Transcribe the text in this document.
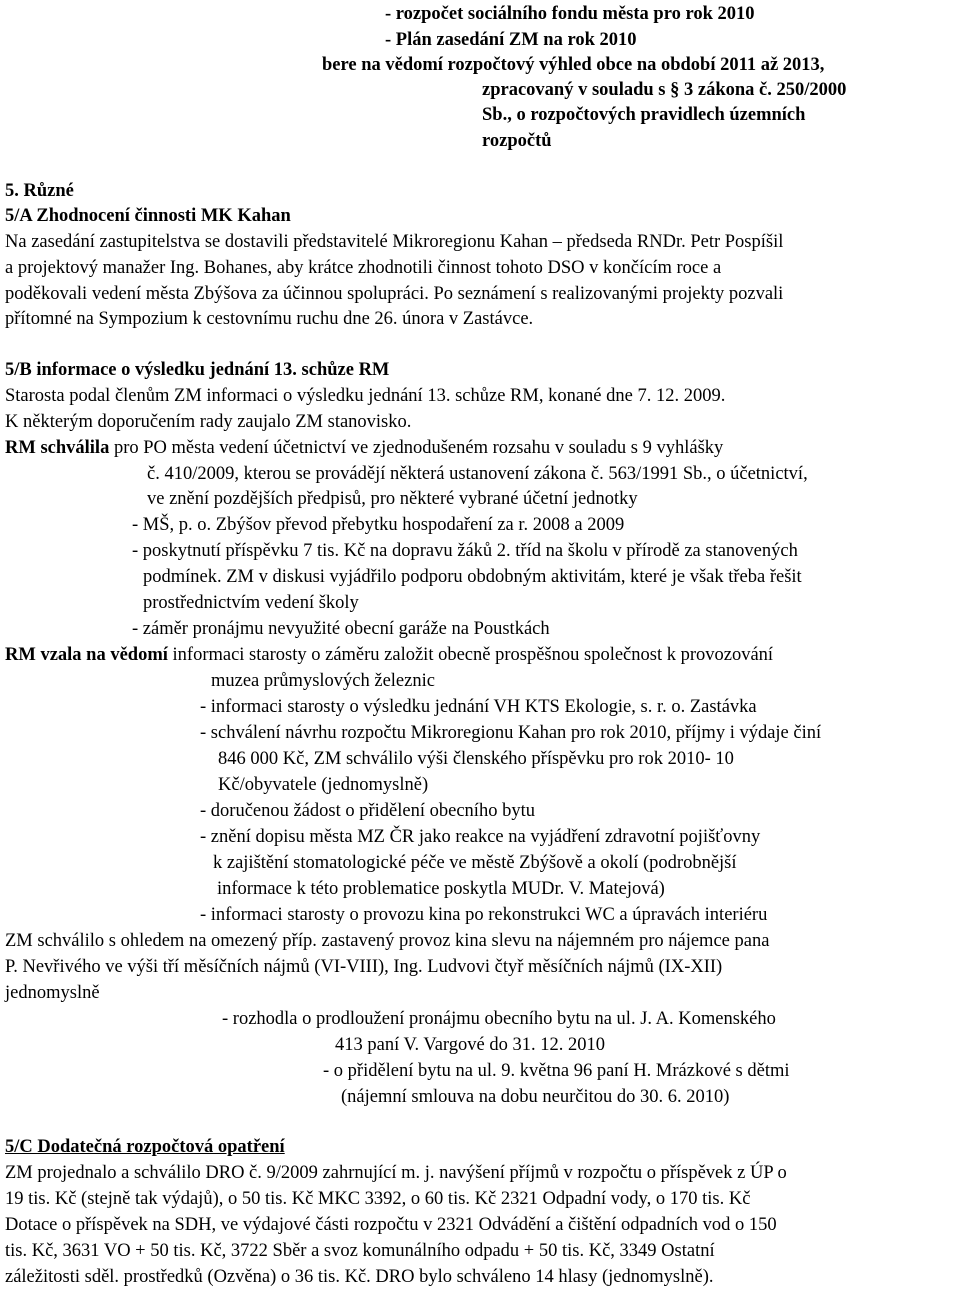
- rozpočet sociálního fondu města pro rok 2010

- Plán zasedání ZM na rok 2010

bere na vědomí rozpočtový výhled obce na období 2011 až 2013,

zpracovaný v souladu s § 3 zákona č. 250/2000

Sb., o rozpočtových pravidlech územních

rozpočtů

5. Různé

5/A Zhodnocení činnosti MK Kahan

Na zasedání zastupitelstva se dostavili představitelé Mikroregionu Kahan – předseda RNDr. Petr Pospíšil

a projektový manažer Ing. Bohanes, aby krátce zhodnotili činnost tohoto DSO v končícím roce a

poděkovali vedení města Zbýšova za účinnou spolupráci. Po seznámení s realizovanými projekty pozvali

přítomné na Sympozium k cestovnímu ruchu dne 26. února v Zastávce.

5/B informace o výsledku jednání 13. schůze RM

Starosta podal členům ZM informaci o výsledku jednání 13. schůze RM, konané dne 7. 12. 2009.

K některým doporučením rady zaujalo ZM stanovisko.

RM schválila pro PO města vedení účetnictví ve zjednodušeném rozsahu v souladu s 9 vyhlášky

č. 410/2009, kterou se provádějí některá ustanovení zákona č. 563/1991 Sb., o účetnictví,

ve znění pozdějších předpisů, pro některé vybrané účetní jednotky

- MŠ, p. o. Zbýšov převod přebytku hospodaření za r. 2008 a 2009

- poskytnutí příspěvku 7 tis. Kč na dopravu žáků 2. tříd na školu v přírodě za stanovených

podmínek. ZM v diskusi vyjádřilo podporu obdobným aktivitám, které je však třeba řešit

prostřednictvím vedení školy

- záměr pronájmu nevyužité obecní garáže na Poustkách

RM vzala na vědomí informaci starosty o záměru založit obecně prospěšnou společnost k provozování

muzea průmyslových železnic

- informaci starosty o výsledku jednání VH KTS Ekologie, s. r. o. Zastávka

- schválení návrhu rozpočtu Mikroregionu Kahan pro rok 2010, příjmy i výdaje činí

846 000 Kč, ZM schválilo výši členského příspěvku pro rok 2010- 10

Kč/obyvatele (jednomyslně)

- doručenou žádost o přidělení obecního bytu

- znění dopisu města MZ ČR jako reakce na vyjádření zdravotní pojišťovny

k zajištění stomatologické péče ve městě Zbýšově a okolí (podrobnější

informace k této problematice poskytla MUDr. V. Matejová)

- informaci starosty o provozu kina po rekonstrukci WC a úpravách interiéru

ZM schválilo s ohledem na omezený příp. zastavený provoz kina slevu na nájemném pro nájemce pana

P. Nevřivého ve výši tří měsíčních nájmů (VI-VIII), Ing. Ludvovi čtyř měsíčních nájmů (IX-XII)

jednomyslně

- rozhodla o prodloužení pronájmu obecního bytu na ul. J. A. Komenského

413 paní V. Vargové do 31. 12. 2010

- o přidělení bytu na ul. 9. května 96 paní H. Mrázkové s dětmi

(nájemní smlouva na dobu neurčitou do 30. 6. 2010)

5/C Dodatečná rozpočtová opatření

ZM projednalo a schválilo DRO č. 9/2009 zahrnující m. j. navýšení příjmů v rozpočtu o příspěvek z ÚP o

19 tis. Kč (stejně tak výdajů), o 50 tis. Kč MKC 3392, o 60 tis. Kč 2321 Odpadní vody, o 170 tis. Kč

Dotace o příspěvek na SDH, ve výdajové části rozpočtu v 2321 Odvádění a čištění odpadních vod o 150

tis. Kč, 3631 VO + 50 tis. Kč, 3722 Sběr a svoz komunálního odpadu + 50 tis. Kč, 3349 Ostatní

záležitosti sděl. prostředků (Ozvěna) o 36 tis. Kč. DRO bylo schváleno 14 hlasy (jednomyslně).
